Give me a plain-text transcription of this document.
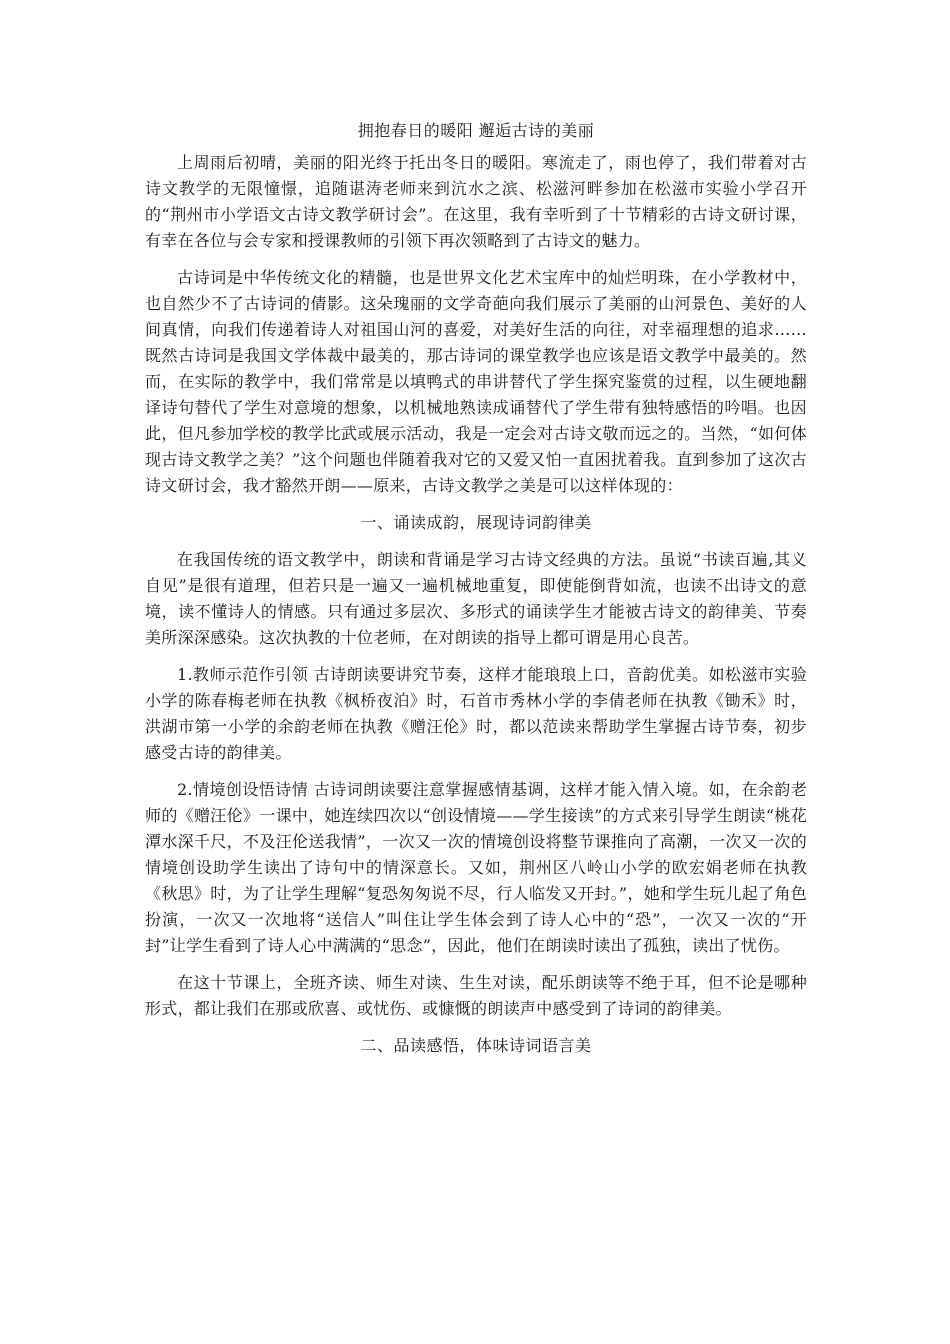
拥抱春日的暖阳 邂逅古诗的美丽

上周雨后初晴，美丽的阳光终于托出冬日的暖阳。寒流走了，雨也停了，我们带着对古诗文教学的无限憧憬，追随谌涛老师来到沆水之滨、松滋河畔参加在松滋市实验小学召开的“荆州市小学语文古诗文教学研讨会”。在这里，我有幸听到了十节精彩的古诗文研讨课，有幸在各位与会专家和授课教师的引领下再次领略到了古诗文的魅力。

古诗词是中华传统文化的精髓，也是世界文化艺术宝库中的灿烂明珠，在小学教材中，也自然少不了古诗词的倩影。这朵瑰丽的文学奇葩向我们展示了美丽的山河景色、美好的人间真情，向我们传递着诗人对祖国山河的喜爱，对美好生活的向往，对幸福理想的追求……既然古诗词是我国文学体裁中最美的，那古诗词的课堂教学也应该是语文教学中最美的。然而，在实际的教学中，我们常常是以填鸭式的串讲替代了学生探究鉴赏的过程，以生硬地翻译诗句替代了学生对意境的想象，以机械地熟读成诵替代了学生带有独特感悟的吟唱。也因此，但凡参加学校的教学比武或展示活动，我是一定会对古诗文敬而远之的。当然，“如何体现古诗文教学之美？”这个问题也伴随着我对它的又爱又怕一直困扰着我。直到参加了这次古诗文研讨会，我才豁然开朗——原来，古诗文教学之美是可以这样体现的：

一、诵读成韵，展现诗词韵律美

在我国传统的语文教学中，朗读和背诵是学习古诗文经典的方法。虽说“书读百遍,其义自见”是很有道理，但若只是一遍又一遍机械地重复，即使能倒背如流，也读不出诗文的意境，读不懂诗人的情感。只有通过多层次、多形式的诵读学生才能被古诗文的韵律美、节奏美所深深感染。这次执教的十位老师，在对朗读的指导上都可谓是用心良苦。

1.教师示范作引领 古诗朗读要讲究节奏，这样才能琅琅上口，音韵优美。如松滋市实验小学的陈春梅老师在执教《枫桥夜泊》时，石首市秀林小学的李倩老师在执教《锄禾》时，洪湖市第一小学的余韵老师在执教《赠汪伦》时，都以范读来帮助学生掌握古诗节奏，初步感受古诗的韵律美。

2.情境创设悟诗情 古诗词朗读要注意掌握感情基调，这样才能入情入境。如，在余韵老师的《赠汪伦》一课中，她连续四次以“创设情境——学生接读”的方式来引导学生朗读“桃花潭水深千尺，不及汪伦送我情”，一次又一次的情境创设将整节课推向了高潮，一次又一次的情境创设助学生读出了诗句中的情深意长。又如，荆州区八岭山小学的欧宏娟老师在执教《秋思》时，为了让学生理解“复恐匆匆说不尽，行人临发又开封。”，她和学生玩儿起了角色扮演，一次又一次地将“送信人”叫住让学生体会到了诗人心中的“恐”，一次又一次的“开封”让学生看到了诗人心中满满的“思念”，因此，他们在朗读时读出了孤独，读出了忧伤。

在这十节课上，全班齐读、师生对读、生生对读，配乐朗读等不绝于耳，但不论是哪种形式，都让我们在那或欣喜、或忧伤、或慷慨的朗读声中感受到了诗词的韵律美。

二、品读感悟，体味诗词语言美
